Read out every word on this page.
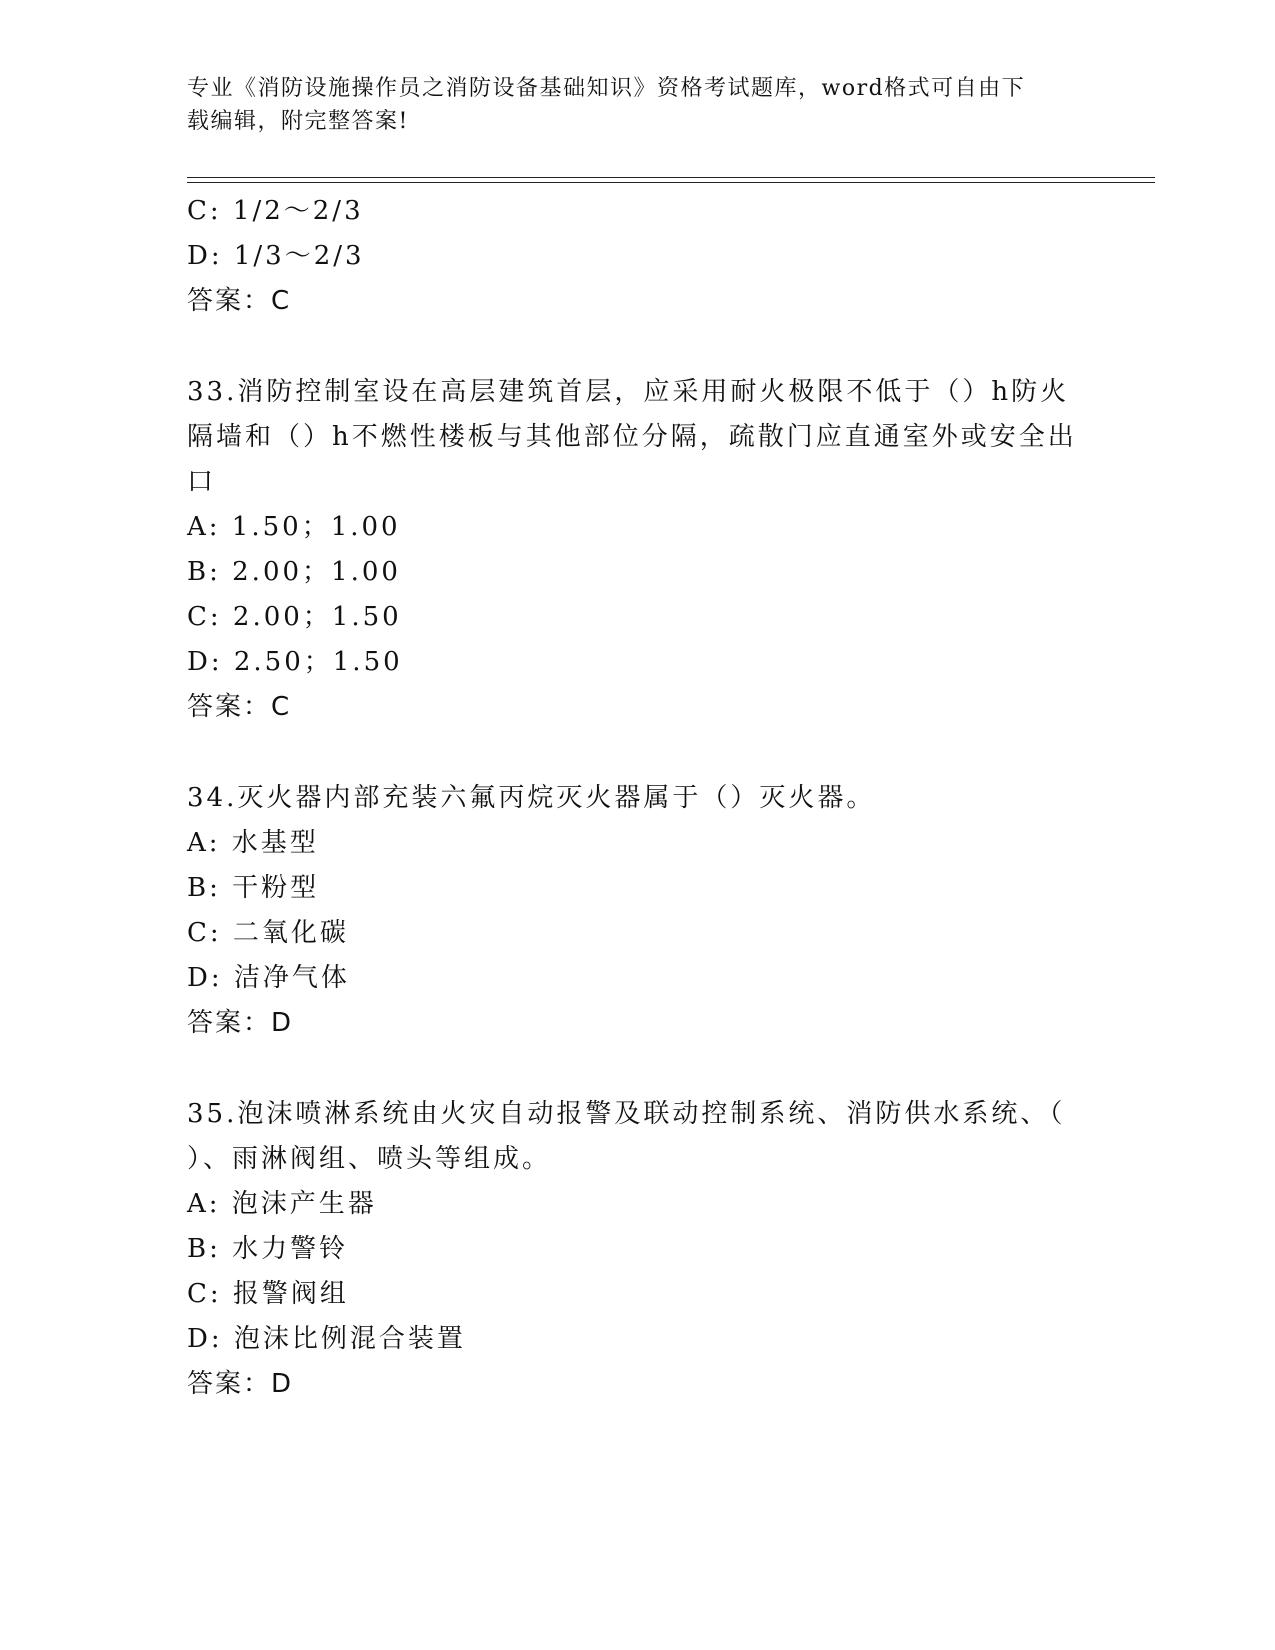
专业《消防设施操作员之消防设备基础知识》资格考试题库，word格式可自由下
载编辑，附完整答案!
C: 1/2～2/3
D: 1/3～2/3
答案：C
33.消防控制室设在高层建筑首层，应采用耐火极限不低于（）h防火
隔墙和（）h不燃性楼板与其他部位分隔，疏散门应直通室外或安全出
口
A: 1.50；1.00
B: 2.00；1.00
C: 2.00；1.50
D: 2.50；1.50
答案：C
34.灭火器内部充装六氟丙烷灭火器属于（）灭火器。
A: 水基型
B: 干粉型
C: 二氧化碳
D: 洁净气体
答案：D
35.泡沫喷淋系统由火灾自动报警及联动控制系统、消防供水系统、（
）、雨淋阀组、喷头等组成。
A: 泡沫产生器
B: 水力警铃
C: 报警阀组
D: 泡沫比例混合装置
答案：D
